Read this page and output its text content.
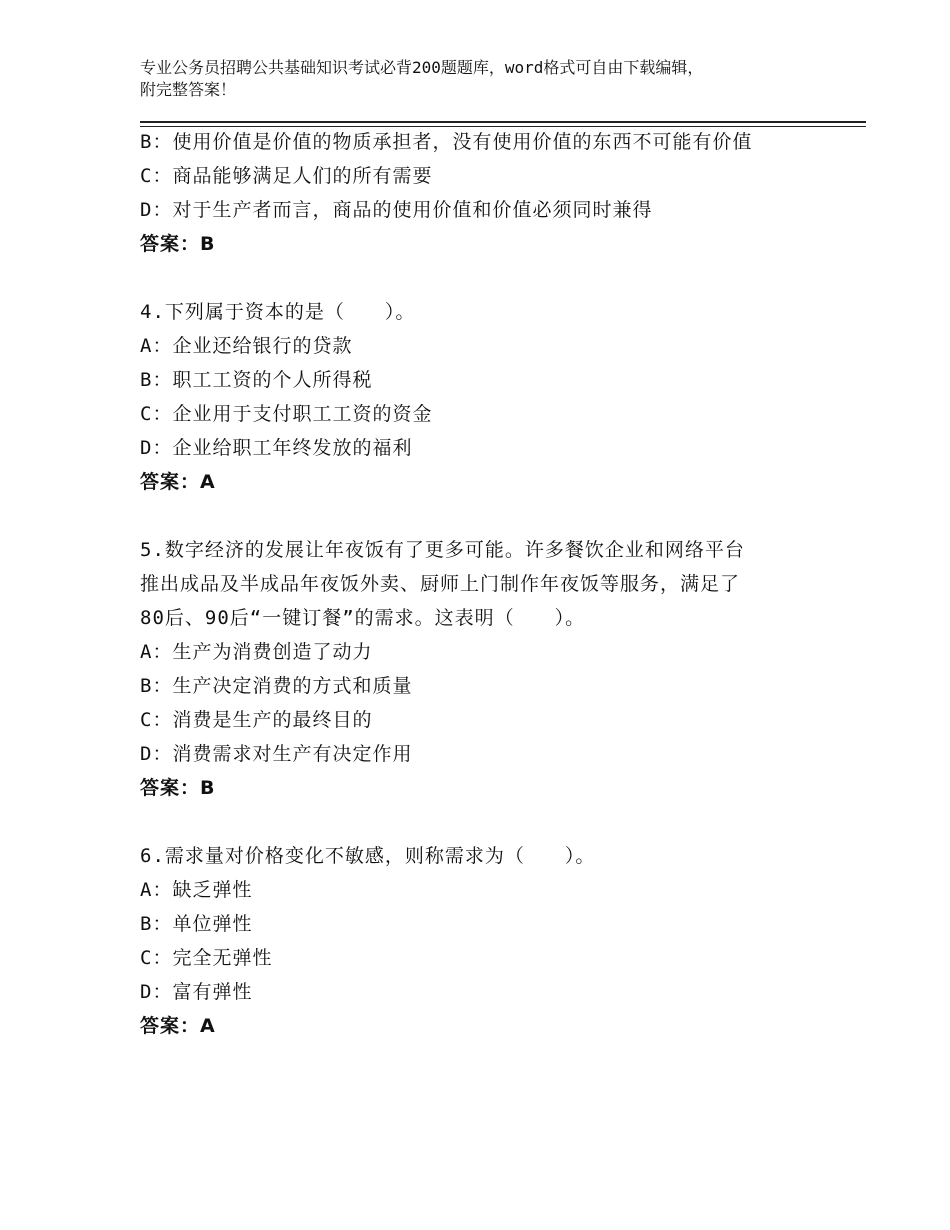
专业公务员招聘公共基础知识考试必背200题题库，word格式可自由下载编辑，
附完整答案！
B：使用价值是价值的物质承担者，没有使用价值的东西不可能有价值
C：商品能够满足人们的所有需要
D：对于生产者而言，商品的使用价值和价值必须同时兼得
答案：B
4.下列属于资本的是（　　）。
A：企业还给银行的贷款
B：职工工资的个人所得税
C：企业用于支付职工工资的资金
D：企业给职工年终发放的福利
答案：A
5.数字经济的发展让年夜饭有了更多可能。许多餐饮企业和网络平台
推出成品及半成品年夜饭外卖、厨师上门制作年夜饭等服务，满足了
80后、90后“一键订餐”的需求。这表明（　　）。
A：生产为消费创造了动力
B：生产决定消费的方式和质量
C：消费是生产的最终目的
D：消费需求对生产有决定作用
答案：B
6.需求量对价格变化不敏感，则称需求为（　　）。
A：缺乏弹性
B：单位弹性
C：完全无弹性
D：富有弹性
答案：A
